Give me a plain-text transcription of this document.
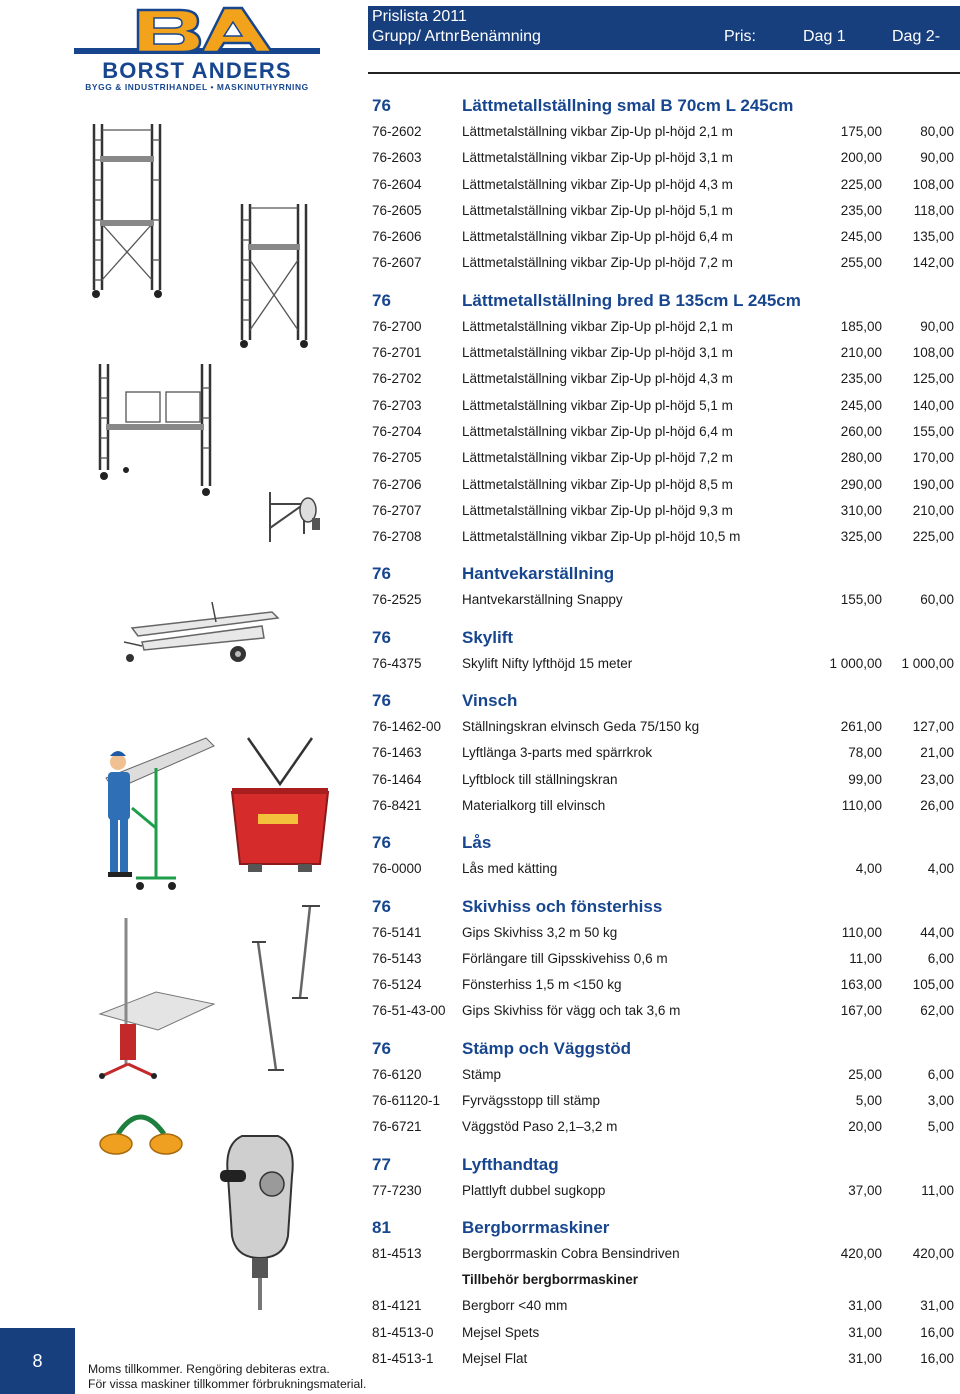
BORST ANDERS
BYGG & INDUSTRIHANDEL • MASKINUTHYRNING
Prislista 2011
Grupp/ Artnr Benämning	Pris:	Dag 1	Dag 2-
76	Lättmetallställning smal B 70cm L 245cm
76-2602	Lättmetalställning vikbar Zip-Up pl-höjd 2,1 m	175,00	80,00
76-2603	Lättmetalställning vikbar Zip-Up pl-höjd 3,1 m	200,00	90,00
76-2604	Lättmetalställning vikbar Zip-Up pl-höjd 4,3 m	225,00 108,00
76-2605	Lättmetalställning vikbar Zip-Up pl-höjd 5,1 m	235,00 118,00
76-2606	Lättmetalställning vikbar Zip-Up pl-höjd 6,4 m	245,00 135,00
76-2607	Lättmetalställning vikbar Zip-Up pl-höjd 7,2 m	255,00 142,00
76	Lättmetallställning bred B 135cm L 245cm
76-2700	Lättmetalställning vikbar Zip-Up pl-höjd 2,1 m	185,00	90,00
76-2701	Lättmetalställning vikbar Zip-Up pl-höjd 3,1 m	210,00 108,00
76-2702	Lättmetalställning vikbar Zip-Up pl-höjd 4,3 m	235,00 125,00
76-2703	Lättmetalställning vikbar Zip-Up pl-höjd 5,1 m	245,00 140,00
76-2704	Lättmetalställning vikbar Zip-Up pl-höjd 6,4 m	260,00 155,00
76-2705	Lättmetalställning vikbar Zip-Up pl-höjd 7,2 m	280,00 170,00
76-2706	Lättmetalställning vikbar Zip-Up pl-höjd 8,5 m	290,00 190,00
76-2707	Lättmetalställning vikbar Zip-Up pl-höjd 9,3 m	310,00 210,00
76-2708	Lättmetalställning vikbar Zip-Up pl-höjd 10,5 m	325,00 225,00
76	Hantvekarställning
76-2525	Hantvekarställning Snappy	155,00	60,00
76	Skylift
76-4375	Skylift Nifty lyfthöjd 15 meter	1 000,00 1 000,00
76	Vinsch
76-1462-00 Ställningskran elvinsch Geda 75/150 kg	261,00 127,00
76-1463	Lyftlänga 3-parts med spärrkrok	78,00	21,00
76-1464	Lyftblock till ställningskran	99,00	23,00
76-8421	Materialkorg till elvinsch	110,00	26,00
76	Lås
76-0000	Lås med kätting	4,00	4,00
76	Skivhiss och fönsterhiss
76-5141	Gips Skivhiss 3,2 m 50 kg	110,00	44,00
76-5143	Förlängare till Gipsskivehiss 0,6 m	11,00	6,00
76-5124	Fönsterhiss 1,5 m <150 kg	163,00 105,00
76-51-43-00 Gips Skivhiss för vägg och tak 3,6 m	167,00	62,00
76	Stämp och Väggstöd
76-6120	Stämp	25,00	6,00
76-61120-1 Fyrvägsstopp till stämp	5,00	3,00
76-6721	Väggstöd Paso 2,1–3,2 m	20,00	5,00
77	Lyfthandtag
77-7230	Plattlyft dubbel sugkopp	37,00	11,00
81	Bergborrmaskiner
81-4513	Bergborrmaskin Cobra Bensindriven	420,00 420,00
Tillbehör bergborrmaskiner
81-4121	Bergborr <40 mm	31,00	31,00
81-4513-0 Mejsel Spets	31,00	16,00
81-4513-1 Mejsel Flat	31,00	16,00
8	Moms tillkommer. Rengöring debiteras extra.
För vissa maskiner tillkommer förbrukningsmaterial.
